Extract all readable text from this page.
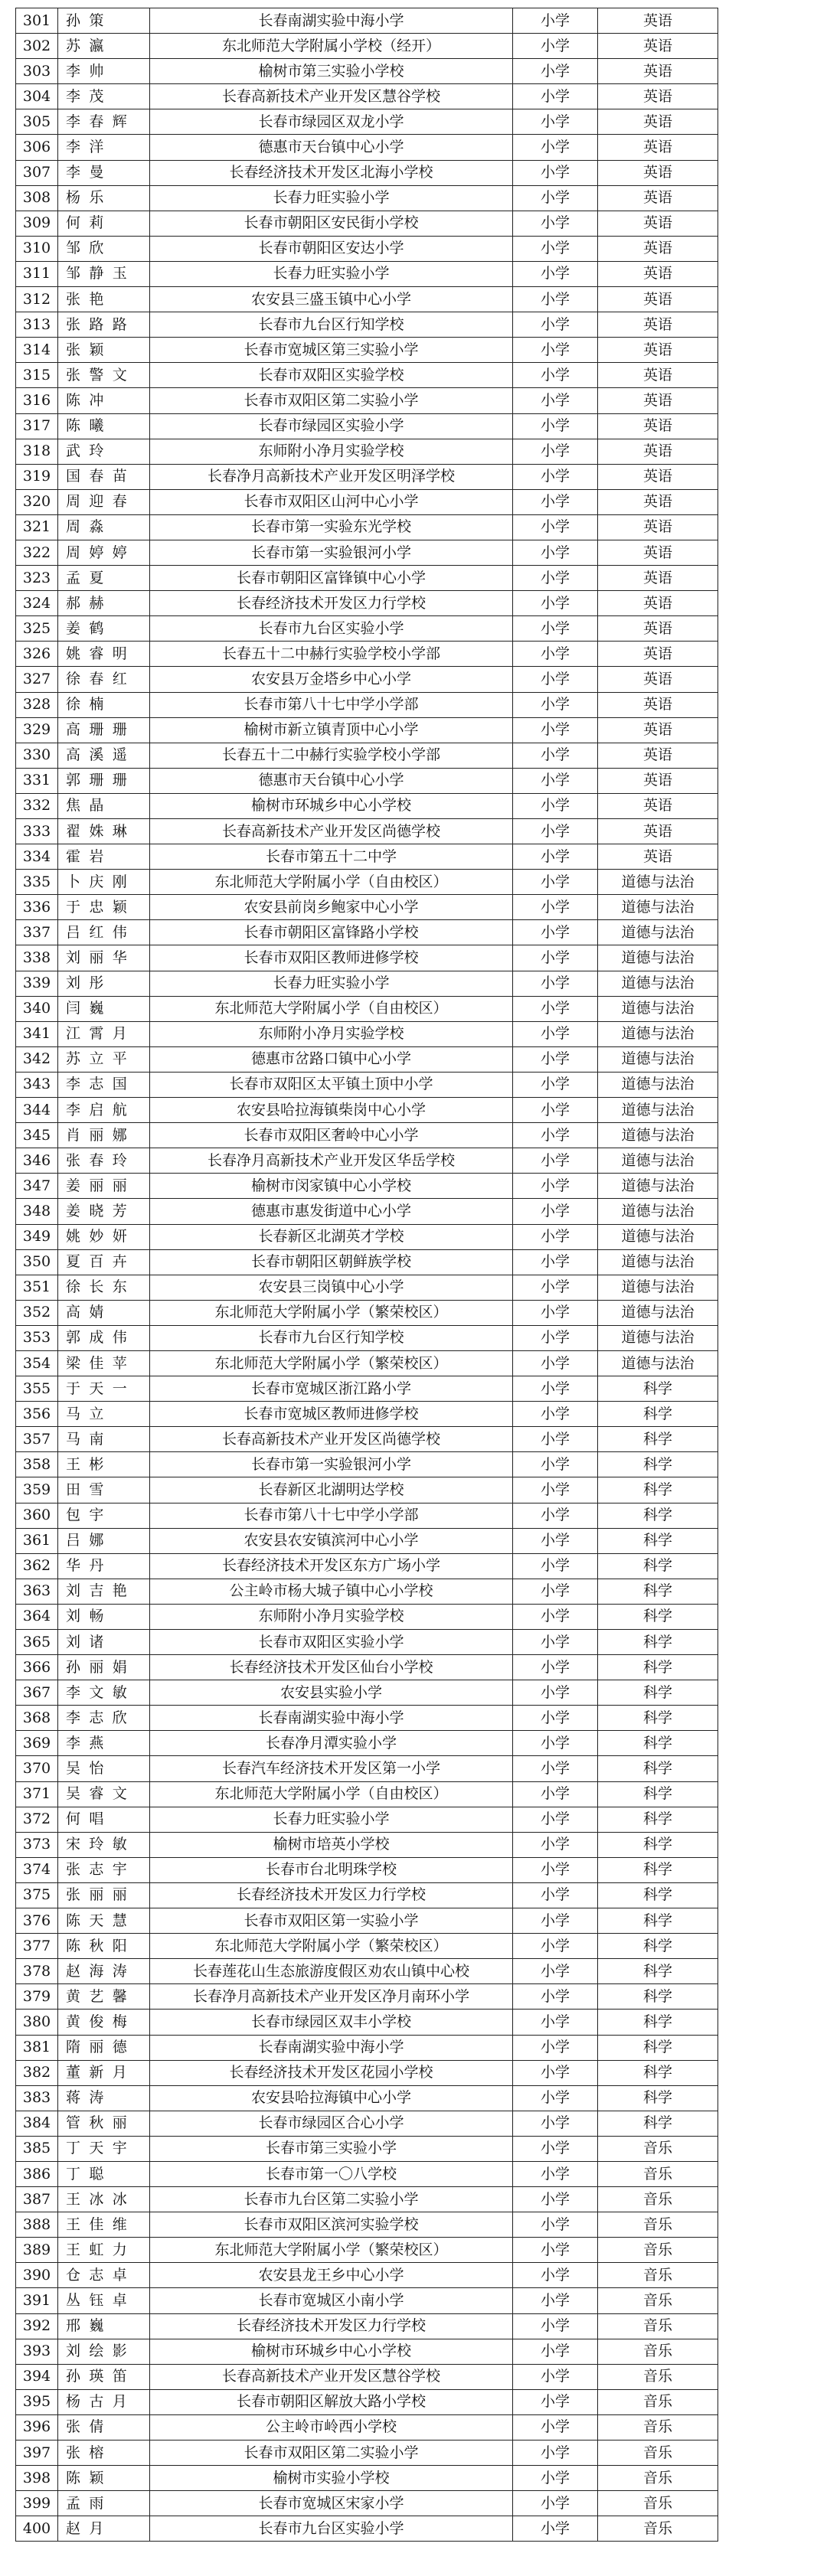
301	孙策	长春南湖实验中海小学	小学	英语
302	苏瀛	东北师范大学附属小学校（经开）	小学	英语
303	李帅	榆树市第三实验小学校	小学	英语
304	李茂	长春高新技术产业开发区慧谷学校	小学	英语
305	李春辉	长春市绿园区双龙小学	小学	英语
306	李洋	德惠市天台镇中心小学	小学	英语
307	李曼	长春经济技术开发区北海小学校	小学	英语
308	杨乐	长春力旺实验小学	小学	英语
309	何莉	长春市朝阳区安民街小学校	小学	英语
310	邹欣	长春市朝阳区安达小学	小学	英语
311	邹静玉	长春力旺实验小学	小学	英语
312	张艳	农安县三盛玉镇中心小学	小学	英语
313	张路路	长春市九台区行知学校	小学	英语
314	张颖	长春市宽城区第三实验小学	小学	英语
315	张警文	长春市双阳区实验学校	小学	英语
316	陈冲	长春市双阳区第二实验小学	小学	英语
317	陈曦	长春市绿园区实验小学	小学	英语
318	武玲	东师附小净月实验学校	小学	英语
319	国春苗	长春净月高新技术产业开发区明泽学校	小学	英语
320	周迎春	长春市双阳区山河中心小学	小学	英语
321	周淼	长春市第一实验东光学校	小学	英语
322	周婷婷	长春市第一实验银河小学	小学	英语
323	孟夏	长春市朝阳区富锋镇中心小学	小学	英语
324	郝赫	长春经济技术开发区力行学校	小学	英语
325	姜鹤	长春市九台区实验小学	小学	英语
326	姚睿明	长春五十二中赫行实验学校小学部	小学	英语
327	徐春红	农安县万金塔乡中心小学	小学	英语
328	徐楠	长春市第八十七中学小学部	小学	英语
329	高珊珊	榆树市新立镇青顶中心小学	小学	英语
330	高溪遥	长春五十二中赫行实验学校小学部	小学	英语
331	郭珊珊	德惠市天台镇中心小学	小学	英语
332	焦晶	榆树市环城乡中心小学校	小学	英语
333	翟姝琳	长春高新技术产业开发区尚德学校	小学	英语
334	霍岩	长春市第五十二中学	小学	英语
335	卜庆刚	东北师范大学附属小学（自由校区）	小学	道德与法治
336	于忠颖	农安县前岗乡鲍家中心小学	小学	道德与法治
337	吕红伟	长春市朝阳区富锋路小学校	小学	道德与法治
338	刘丽华	长春市双阳区教师进修学校	小学	道德与法治
339	刘彤	长春力旺实验小学	小学	道德与法治
340	闫巍	东北师范大学附属小学（自由校区）	小学	道德与法治
341	江霄月	东师附小净月实验学校	小学	道德与法治
342	苏立平	德惠市岔路口镇中心小学	小学	道德与法治
343	李志国	长春市双阳区太平镇土顶中小学	小学	道德与法治
344	李启航	农安县哈拉海镇柴岗中心小学	小学	道德与法治
345	肖丽娜	长春市双阳区奢岭中心小学	小学	道德与法治
346	张春玲	长春净月高新技术产业开发区华岳学校	小学	道德与法治
347	姜丽丽	榆树市闵家镇中心小学校	小学	道德与法治
348	姜晓芳	德惠市惠发街道中心小学	小学	道德与法治
349	姚妙妍	长春新区北湖英才学校	小学	道德与法治
350	夏百卉	长春市朝阳区朝鲜族学校	小学	道德与法治
351	徐长东	农安县三岗镇中心小学	小学	道德与法治
352	高婧	东北师范大学附属小学（繁荣校区）	小学	道德与法治
353	郭成伟	长春市九台区行知学校	小学	道德与法治
354	梁佳苹	东北师范大学附属小学（繁荣校区）	小学	道德与法治
355	于天一	长春市宽城区浙江路小学	小学	科学
356	马立	长春市宽城区教师进修学校	小学	科学
357	马南	长春高新技术产业开发区尚德学校	小学	科学
358	王彬	长春市第一实验银河小学	小学	科学
359	田雪	长春新区北湖明达学校	小学	科学
360	包宇	长春市第八十七中学小学部	小学	科学
361	吕娜	农安县农安镇滨河中心小学	小学	科学
362	华丹	长春经济技术开发区东方广场小学	小学	科学
363	刘吉艳	公主岭市杨大城子镇中心小学校	小学	科学
364	刘畅	东师附小净月实验学校	小学	科学
365	刘诸	长春市双阳区实验小学	小学	科学
366	孙丽娟	长春经济技术开发区仙台小学校	小学	科学
367	李文敏	农安县实验小学	小学	科学
368	李志欣	长春南湖实验中海小学	小学	科学
369	李燕	长春净月潭实验小学	小学	科学
370	吴怡	长春汽车经济技术开发区第一小学	小学	科学
371	吴睿文	东北师范大学附属小学（自由校区）	小学	科学
372	何唱	长春力旺实验小学	小学	科学
373	宋玲敏	榆树市培英小学校	小学	科学
374	张志宇	长春市台北明珠学校	小学	科学
375	张丽丽	长春经济技术开发区力行学校	小学	科学
376	陈天慧	长春市双阳区第一实验小学	小学	科学
377	陈秋阳	东北师范大学附属小学（繁荣校区）	小学	科学
378	赵海涛	长春莲花山生态旅游度假区劝农山镇中心校	小学	科学
379	黄艺馨	长春净月高新技术产业开发区净月南环小学	小学	科学
380	黄俊梅	长春市绿园区双丰小学校	小学	科学
381	隋丽德	长春南湖实验中海小学	小学	科学
382	董新月	长春经济技术开发区花园小学校	小学	科学
383	蒋涛	农安县哈拉海镇中心小学	小学	科学
384	管秋丽	长春市绿园区合心小学	小学	科学
385	丁天宇	长春市第三实验小学	小学	音乐
386	丁聪	长春市第一〇八学校	小学	音乐
387	王冰冰	长春市九台区第二实验小学	小学	音乐
388	王佳维	长春市双阳区滨河实验学校	小学	音乐
389	王虹力	东北师范大学附属小学（繁荣校区）	小学	音乐
390	仓志卓	农安县龙王乡中心小学	小学	音乐
391	丛钰卓	长春市宽城区小南小学	小学	音乐
392	邢巍	长春经济技术开发区力行学校	小学	音乐
393	刘绘影	榆树市环城乡中心小学校	小学	音乐
394	孙瑛笛	长春高新技术产业开发区慧谷学校	小学	音乐
395	杨古月	长春市朝阳区解放大路小学校	小学	音乐
396	张倩	公主岭市岭西小学校	小学	音乐
397	张榕	长春市双阳区第二实验小学	小学	音乐
398	陈颖	榆树市实验小学校	小学	音乐
399	孟雨	长春市宽城区宋家小学	小学	音乐
400	赵月	长春市九台区实验小学	小学	音乐
